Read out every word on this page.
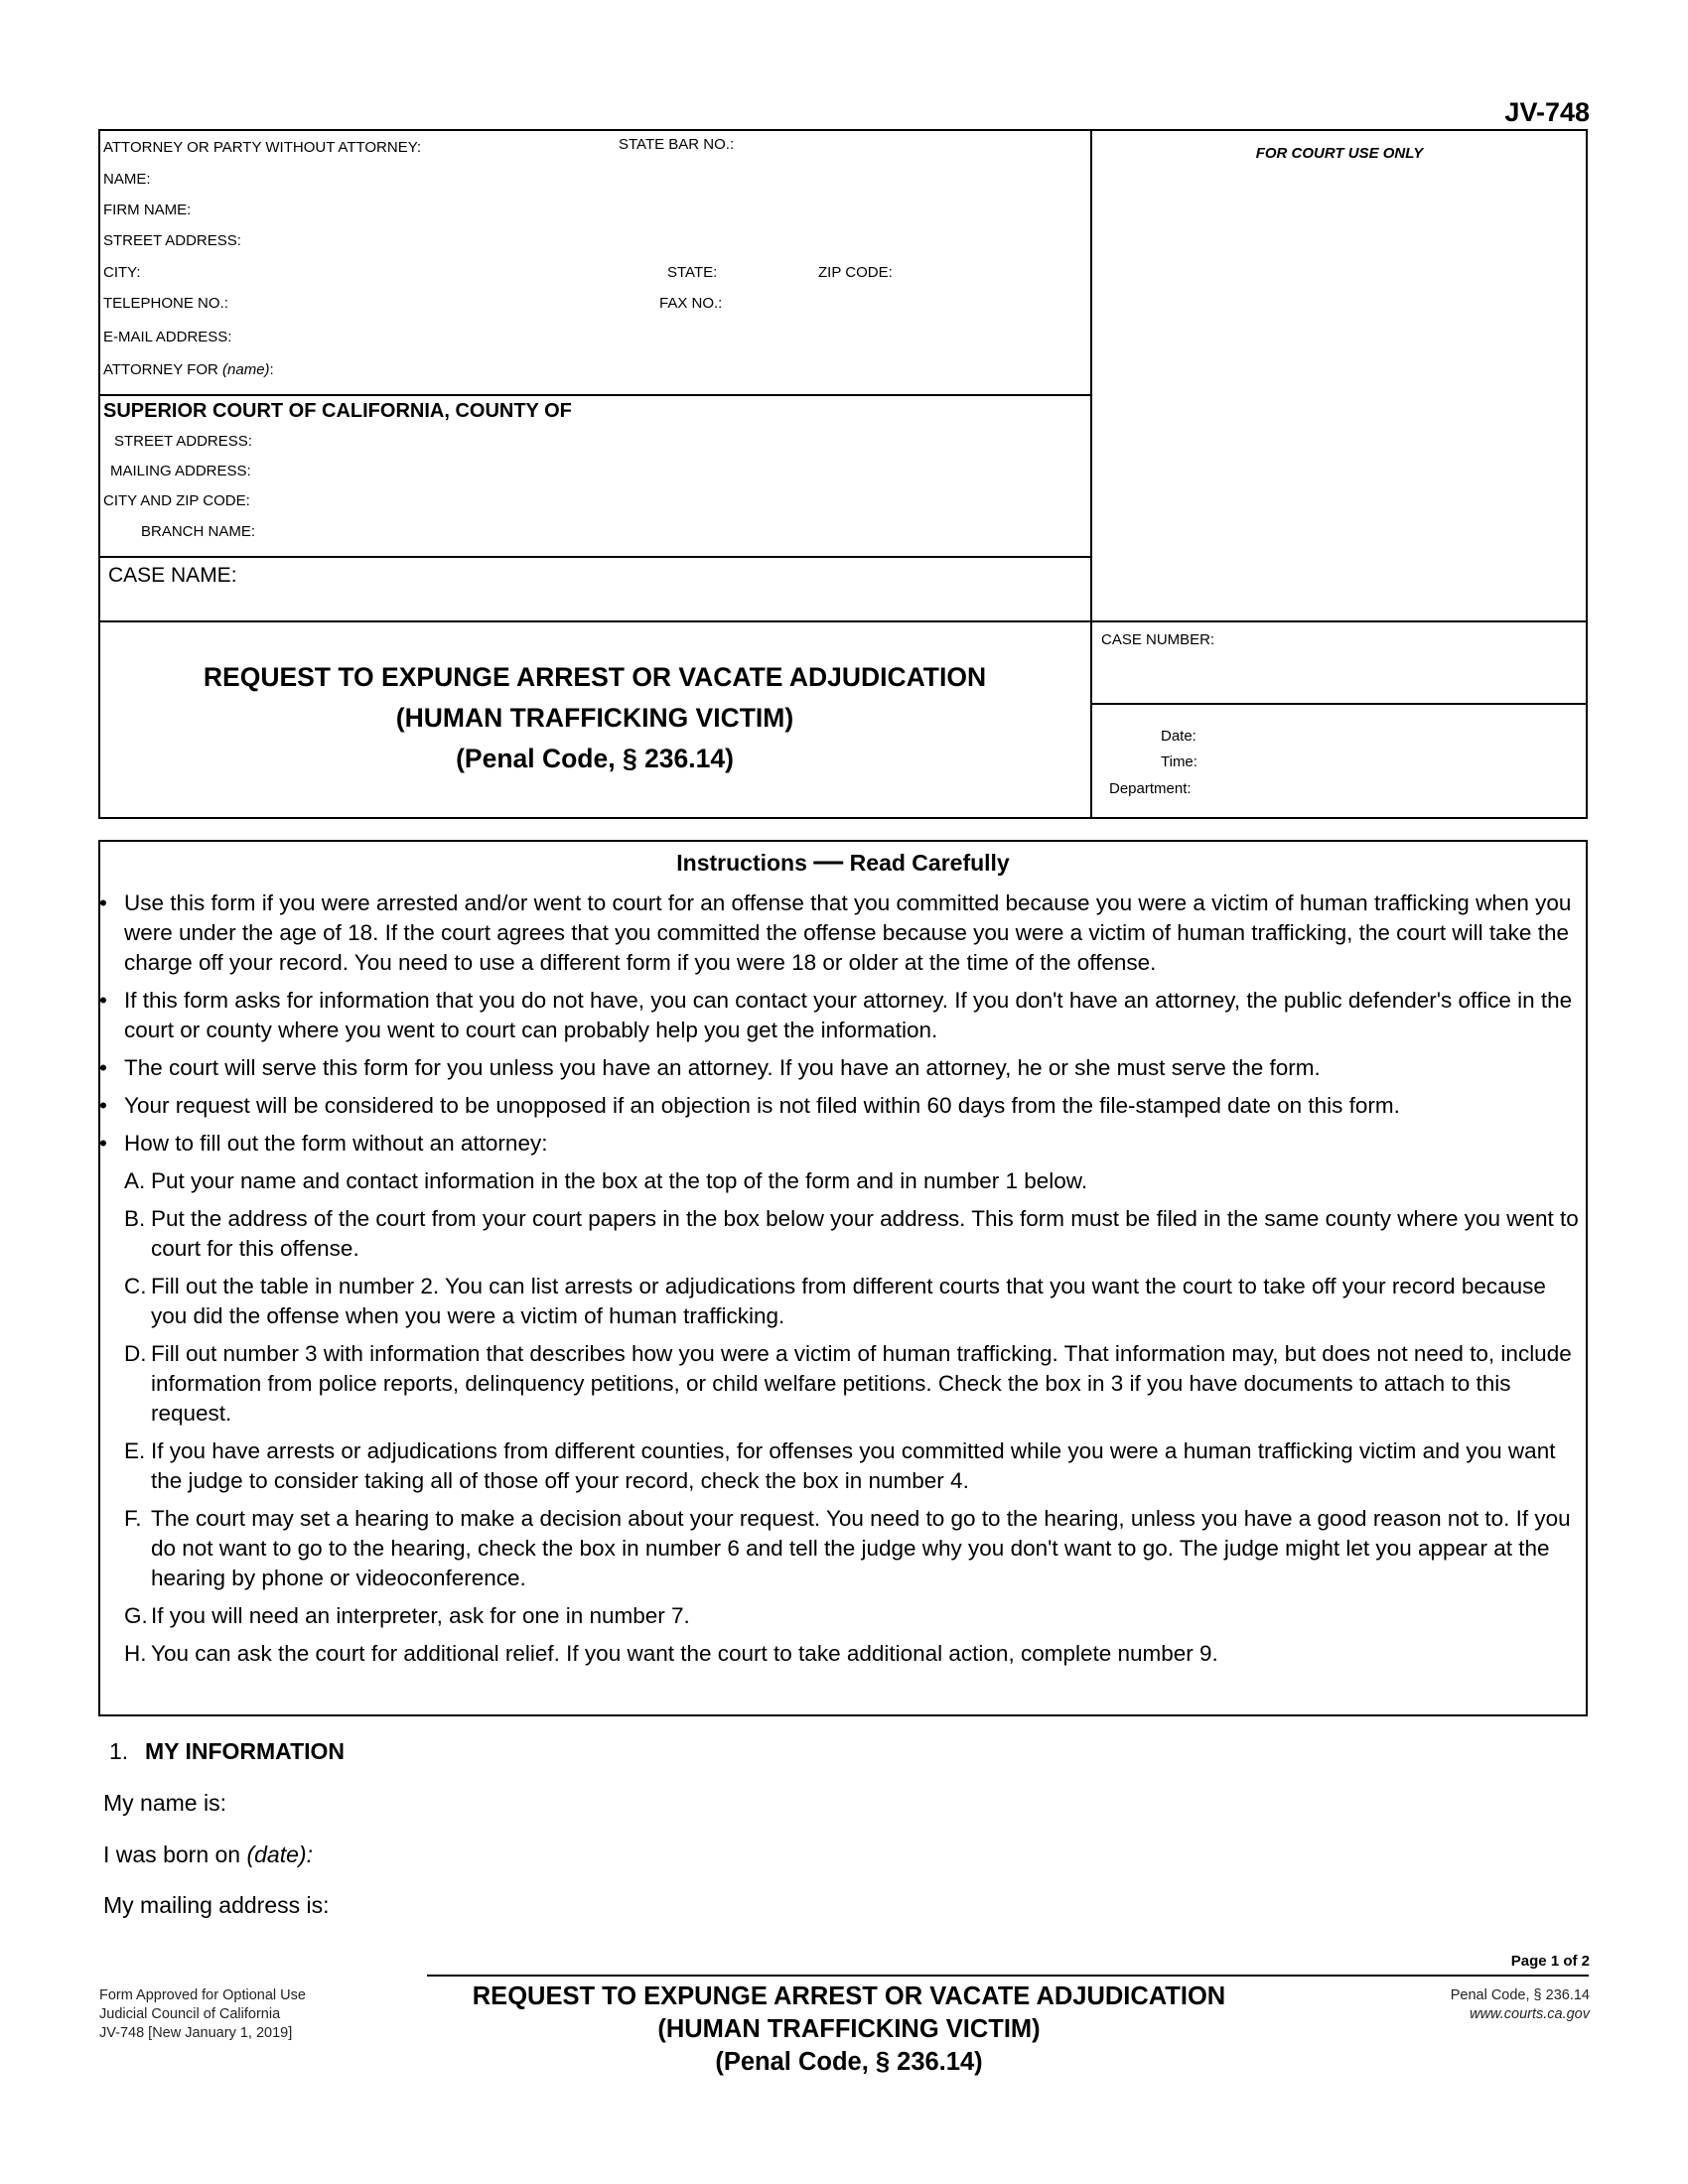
JV-748
ATTORNEY OR PARTY WITHOUT ATTORNEY:	STATE BAR NO.:
NAME:
FIRM NAME:
STREET ADDRESS:
CITY:	STATE:	ZIP CODE:
TELEPHONE NO.:	FAX NO.:
E-MAIL ADDRESS:
ATTORNEY FOR (name):
FOR COURT USE ONLY
SUPERIOR COURT OF CALIFORNIA, COUNTY OF
STREET ADDRESS:
MAILING ADDRESS:
CITY AND ZIP CODE:
BRANCH NAME:
CASE NAME:
REQUEST TO EXPUNGE ARREST OR VACATE ADJUDICATION
(HUMAN TRAFFICKING VICTIM)
(Penal Code, § 236.14)
CASE NUMBER:
Date:
Time:
Department:
Instructions — Read Carefully
• Use this form if you were arrested and/or went to court for an offense that you committed because you were a victim of human trafficking when you were under the age of 18. If the court agrees that you committed the offense because you were a victim of human trafficking, the court will take the charge off your record. You need to use a different form if you were 18 or older at the time of the offense.
• If this form asks for information that you do not have, you can contact your attorney. If you don't have an attorney, the public defender's office in the court or county where you went to court can probably help you get the information.
• The court will serve this form for you unless you have an attorney. If you have an attorney, he or she must serve the form.
• Your request will be considered to be unopposed if an objection is not filed within 60 days from the file-stamped date on this form.
• How to fill out the form without an attorney:
A. Put your name and contact information in the box at the top of the form and in number 1 below.
B. Put the address of the court from your court papers in the box below your address. This form must be filed in the same county where you went to court for this offense.
C. Fill out the table in number 2. You can list arrests or adjudications from different courts that you want the court to take off your record because you did the offense when you were a victim of human trafficking.
D. Fill out number 3 with information that describes how you were a victim of human trafficking. That information may, but does not need to, include information from police reports, delinquency petitions, or child welfare petitions. Check the box in 3 if you have documents to attach to this request.
E. If you have arrests or adjudications from different counties, for offenses you committed while you were a human trafficking victim and you want the judge to consider taking all of those off your record, check the box in number 4.
F. The court may set a hearing to make a decision about your request. You need to go to the hearing, unless you have a good reason not to. If you do not want to go to the hearing, check the box in number 6 and tell the judge why you don't want to go. The judge might let you appear at the hearing by phone or videoconference.
G. If you will need an interpreter, ask for one in number 7.
H. You can ask the court for additional relief. If you want the court to take additional action, complete number 9.
1. MY INFORMATION
My name is:
I was born on (date):
My mailing address is:
Page 1 of 2
Form Approved for Optional Use
Judicial Council of California
JV-748 [New January 1, 2019]
REQUEST TO EXPUNGE ARREST OR VACATE ADJUDICATION
(HUMAN TRAFFICKING VICTIM)
(Penal Code, § 236.14)
Penal Code, § 236.14
www.courts.ca.gov
